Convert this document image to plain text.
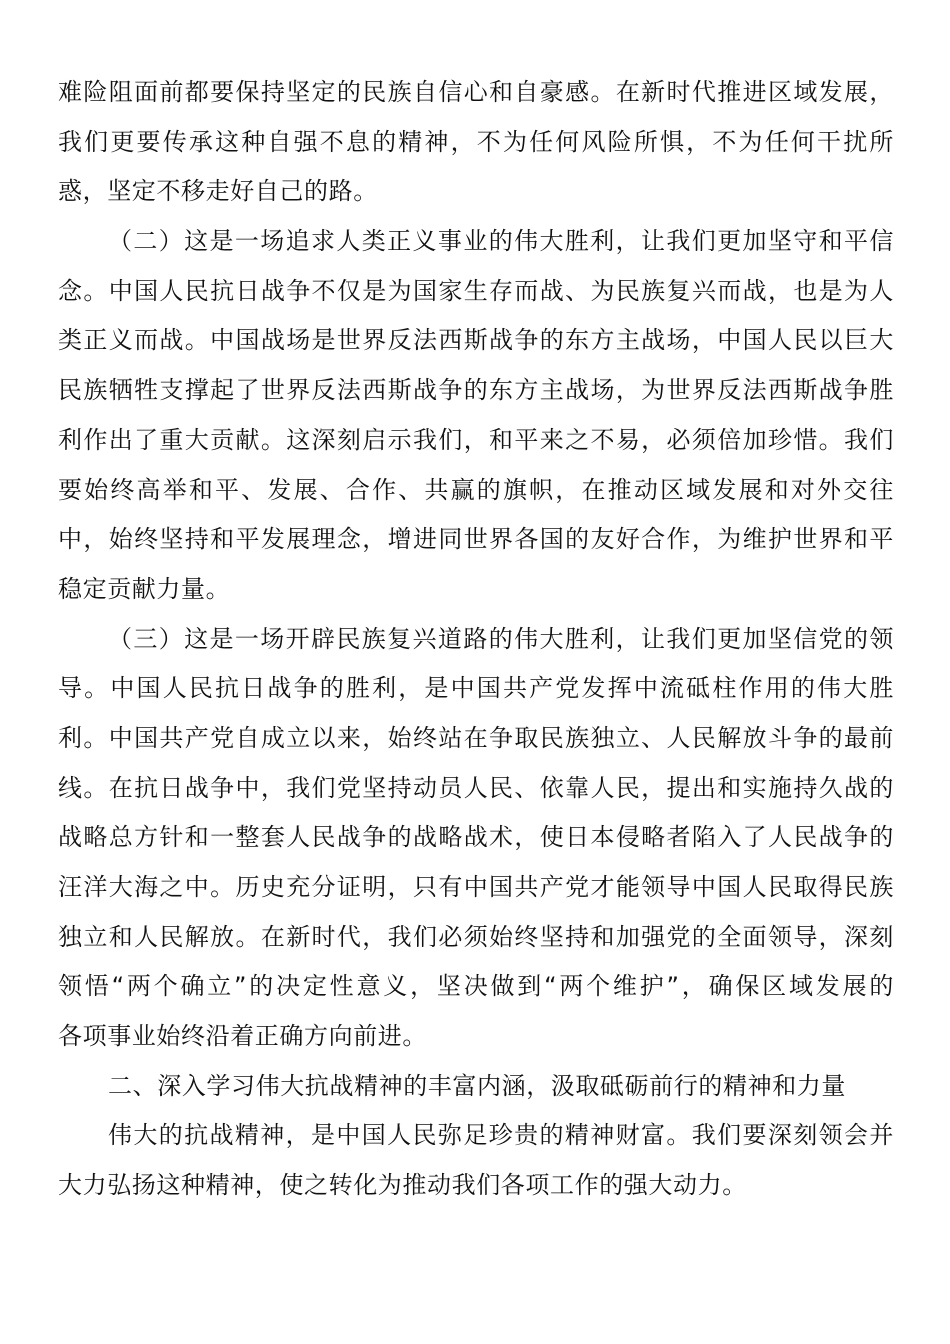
难险阻面前都要保持坚定的民族自信心和自豪感。在新时代推进区域发展，
我们更要传承这种自强不息的精神，不为任何风险所惧，不为任何干扰所
惑，坚定不移走好自己的路。
（二）这是一场追求人类正义事业的伟大胜利，让我们更加坚守和平信
念。中国人民抗日战争不仅是为国家生存而战、为民族复兴而战，也是为人
类正义而战。中国战场是世界反法西斯战争的东方主战场，中国人民以巨大
民族牺牲支撑起了世界反法西斯战争的东方主战场，为世界反法西斯战争胜
利作出了重大贡献。这深刻启示我们，和平来之不易，必须倍加珍惜。我们
要始终高举和平、发展、合作、共赢的旗帜，在推动区域发展和对外交往
中，始终坚持和平发展理念，增进同世界各国的友好合作，为维护世界和平
稳定贡献力量。
（三）这是一场开辟民族复兴道路的伟大胜利，让我们更加坚信党的领
导。中国人民抗日战争的胜利，是中国共产党发挥中流砥柱作用的伟大胜
利。中国共产党自成立以来，始终站在争取民族独立、人民解放斗争的最前
线。在抗日战争中，我们党坚持动员人民、依靠人民，提出和实施持久战的
战略总方针和一整套人民战争的战略战术，使日本侵略者陷入了人民战争的
汪洋大海之中。历史充分证明，只有中国共产党才能领导中国人民取得民族
独立和人民解放。在新时代，我们必须始终坚持和加强党的全面领导，深刻
领悟“两个确立”的决定性意义，坚决做到“两个维护”，确保区域发展的
各项事业始终沿着正确方向前进。
二、深入学习伟大抗战精神的丰富内涵，汲取砥砺前行的精神和力量
伟大的抗战精神，是中国人民弥足珍贵的精神财富。我们要深刻领会并
大力弘扬这种精神，使之转化为推动我们各项工作的强大动力。
